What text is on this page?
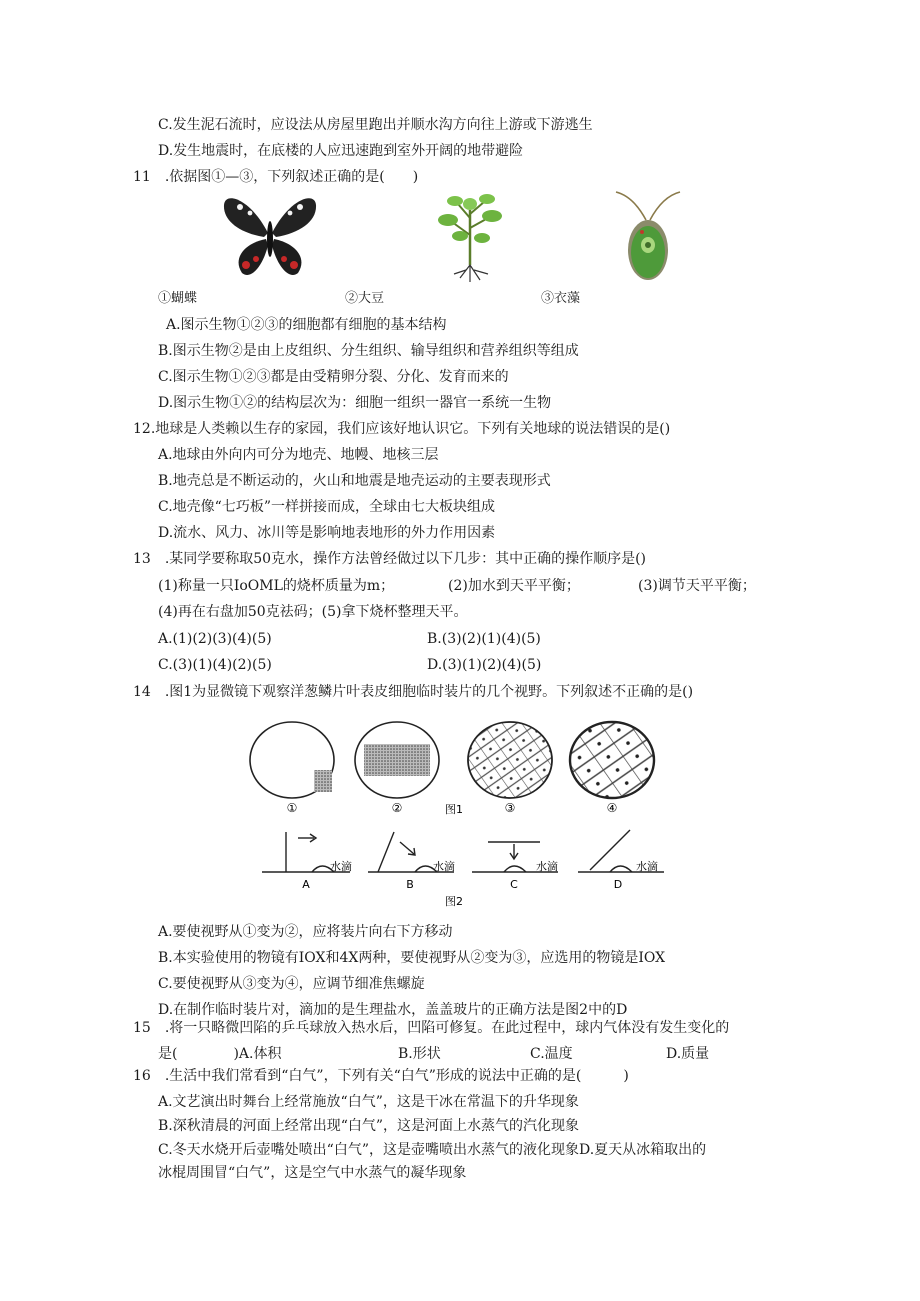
C.发生泥石流时，应设法从房屋里跑出并顺水沟方向往上游或下游逃生
D.发生地震时，在底楼的人应迅速跑到室外开阔的地带避险
11　.依据图①—③，下列叙述正确的是(　　)
①蝴蝶	②大豆	③衣藻
A.图示生物①②③的细胞都有细胞的基本结构
B.图示生物②是由上皮组织、分生组织、输导组织和营养组织等组成
C.图示生物①②③都是由受精卵分裂、分化、发育而来的
D.图示生物①②的结构层次为：细胞一组织一器官一系统一生物
12.地球是人类赖以生存的家园，我们应该好地认识它。下列有关地球的说法错误的是()
A.地球由外向内可分为地壳、地幔、地核三层
B.地壳总是不断运动的，火山和地震是地壳运动的主要表现形式
C.地壳像“七巧板”一样拼接而成，全球由七大板块组成
D.流水、风力、冰川等是影响地表地形的外力作用因素
13　.某同学要称取50克水，操作方法曾经做过以下几步：其中正确的操作顺序是()
(1)称量一只IoOML的烧杯质量为m；	(2)加水到天平平衡；	(3)调节天平平衡；
(4)再在右盘加50克祛码；(5)拿下烧杯整理天平。
A.(1)(2)(3)(4)(5)	B.(3)(2)(1)(4)(5)
C.(3)(1)(4)(2)(5)	D.(3)(1)(2)(4)(5)
14　.图1为显微镜下观察洋葱鳞片叶表皮细胞临时装片的几个视野。下列叙述不正确的是()
①	②	图1	③	④
水滴	水滴	水滴	水滴
A	B	C	D
图2
A.要使视野从①变为②，应将装片向右下方移动
B.本实验使用的物镜有IOX和4X两种，要使视野从②变为③，应选用的物镜是IOX
C.要使视野从③变为④，应调节细准焦螺旋
D.在制作临时装片对，滴加的是生理盐水，盖盖玻片的正确方法是图2中的D
15　.将一只略微凹陷的乒乓球放入热水后，凹陷可修复。在此过程中，球内气体没有发生变化的
是(　　　　)A.体积	B.形状	C.温度	D.质量
16　.生活中我们常看到“白气”，下列有关“白气”形成的说法中正确的是(　　　)
A.文艺演出时舞台上经常施放“白气”，这是干冰在常温下的升华现象
B.深秋清晨的河面上经常出现“白气”，这是河面上水蒸气的汽化现象
C.冬天水烧开后壶嘴处喷出“白气”，这是壶嘴喷出水蒸气的液化现象D.夏天从冰箱取出的
冰棍周围冒“白气”，这是空气中水蒸气的凝华现象
